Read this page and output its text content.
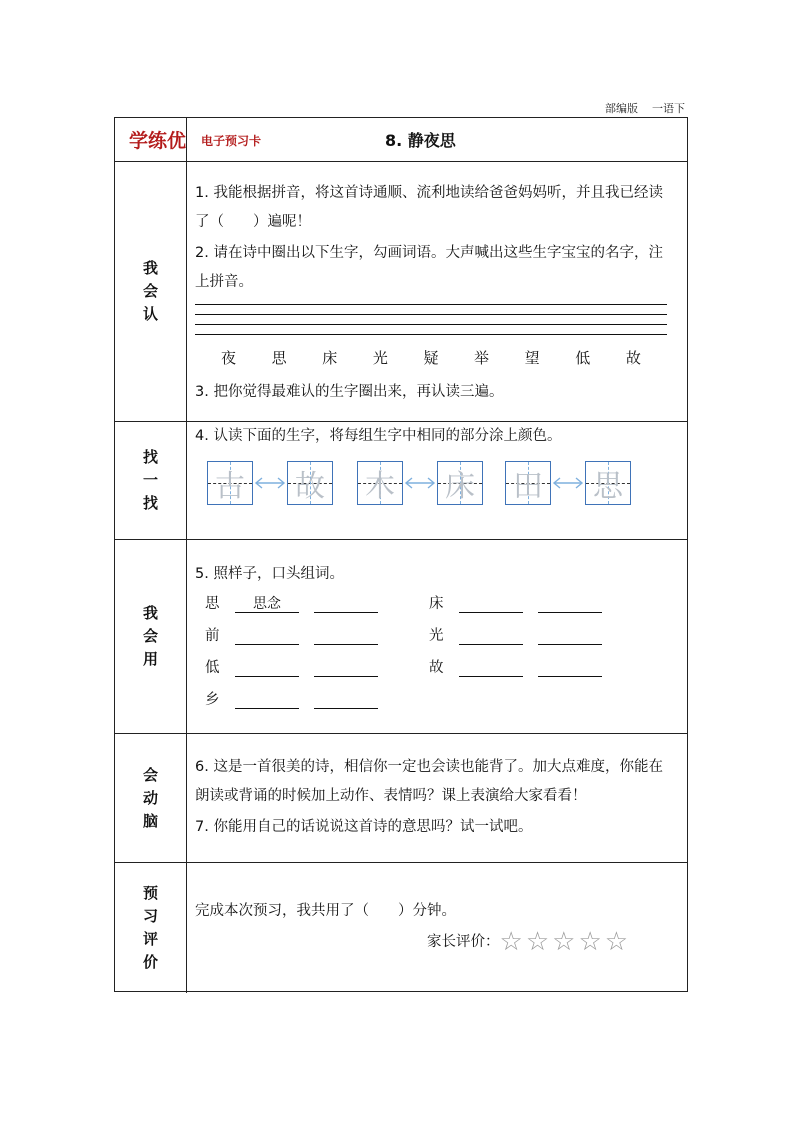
部编版 一语下
学练优 电子预习卡	8. 静夜思
我
会
认
1. 我能根据拼音，将这首诗通顺、流利地读给爸爸妈妈听，并且我已经读了（　　）遍呢！
2. 请在诗中圈出以下生字，勾画词语。大声喊出这些生字宝宝的名字，注上拼音。
夜 思 床 光 疑 举 望 低 故
3. 把你觉得最难认的生字圈出来，再认读三遍。
找
一
找
4. 认读下面的生字，将每组生字中相同的部分涂上颜色。
古 故 木 床 田 思
我
会
用
5. 照样子，口头组词。
思 思念
前
低
乡
床
光
故
会
动
脑
6. 这是一首很美的诗，相信你一定也会读也能背了。加大点难度，你能在朗读或背诵的时候加上动作、表情吗？课上表演给大家看看！
7. 你能用自己的话说说这首诗的意思吗？试一试吧。
预
习
评
价
完成本次预习，我共用了（　　）分钟。
家长评价： ☆ ☆ ☆ ☆ ☆
